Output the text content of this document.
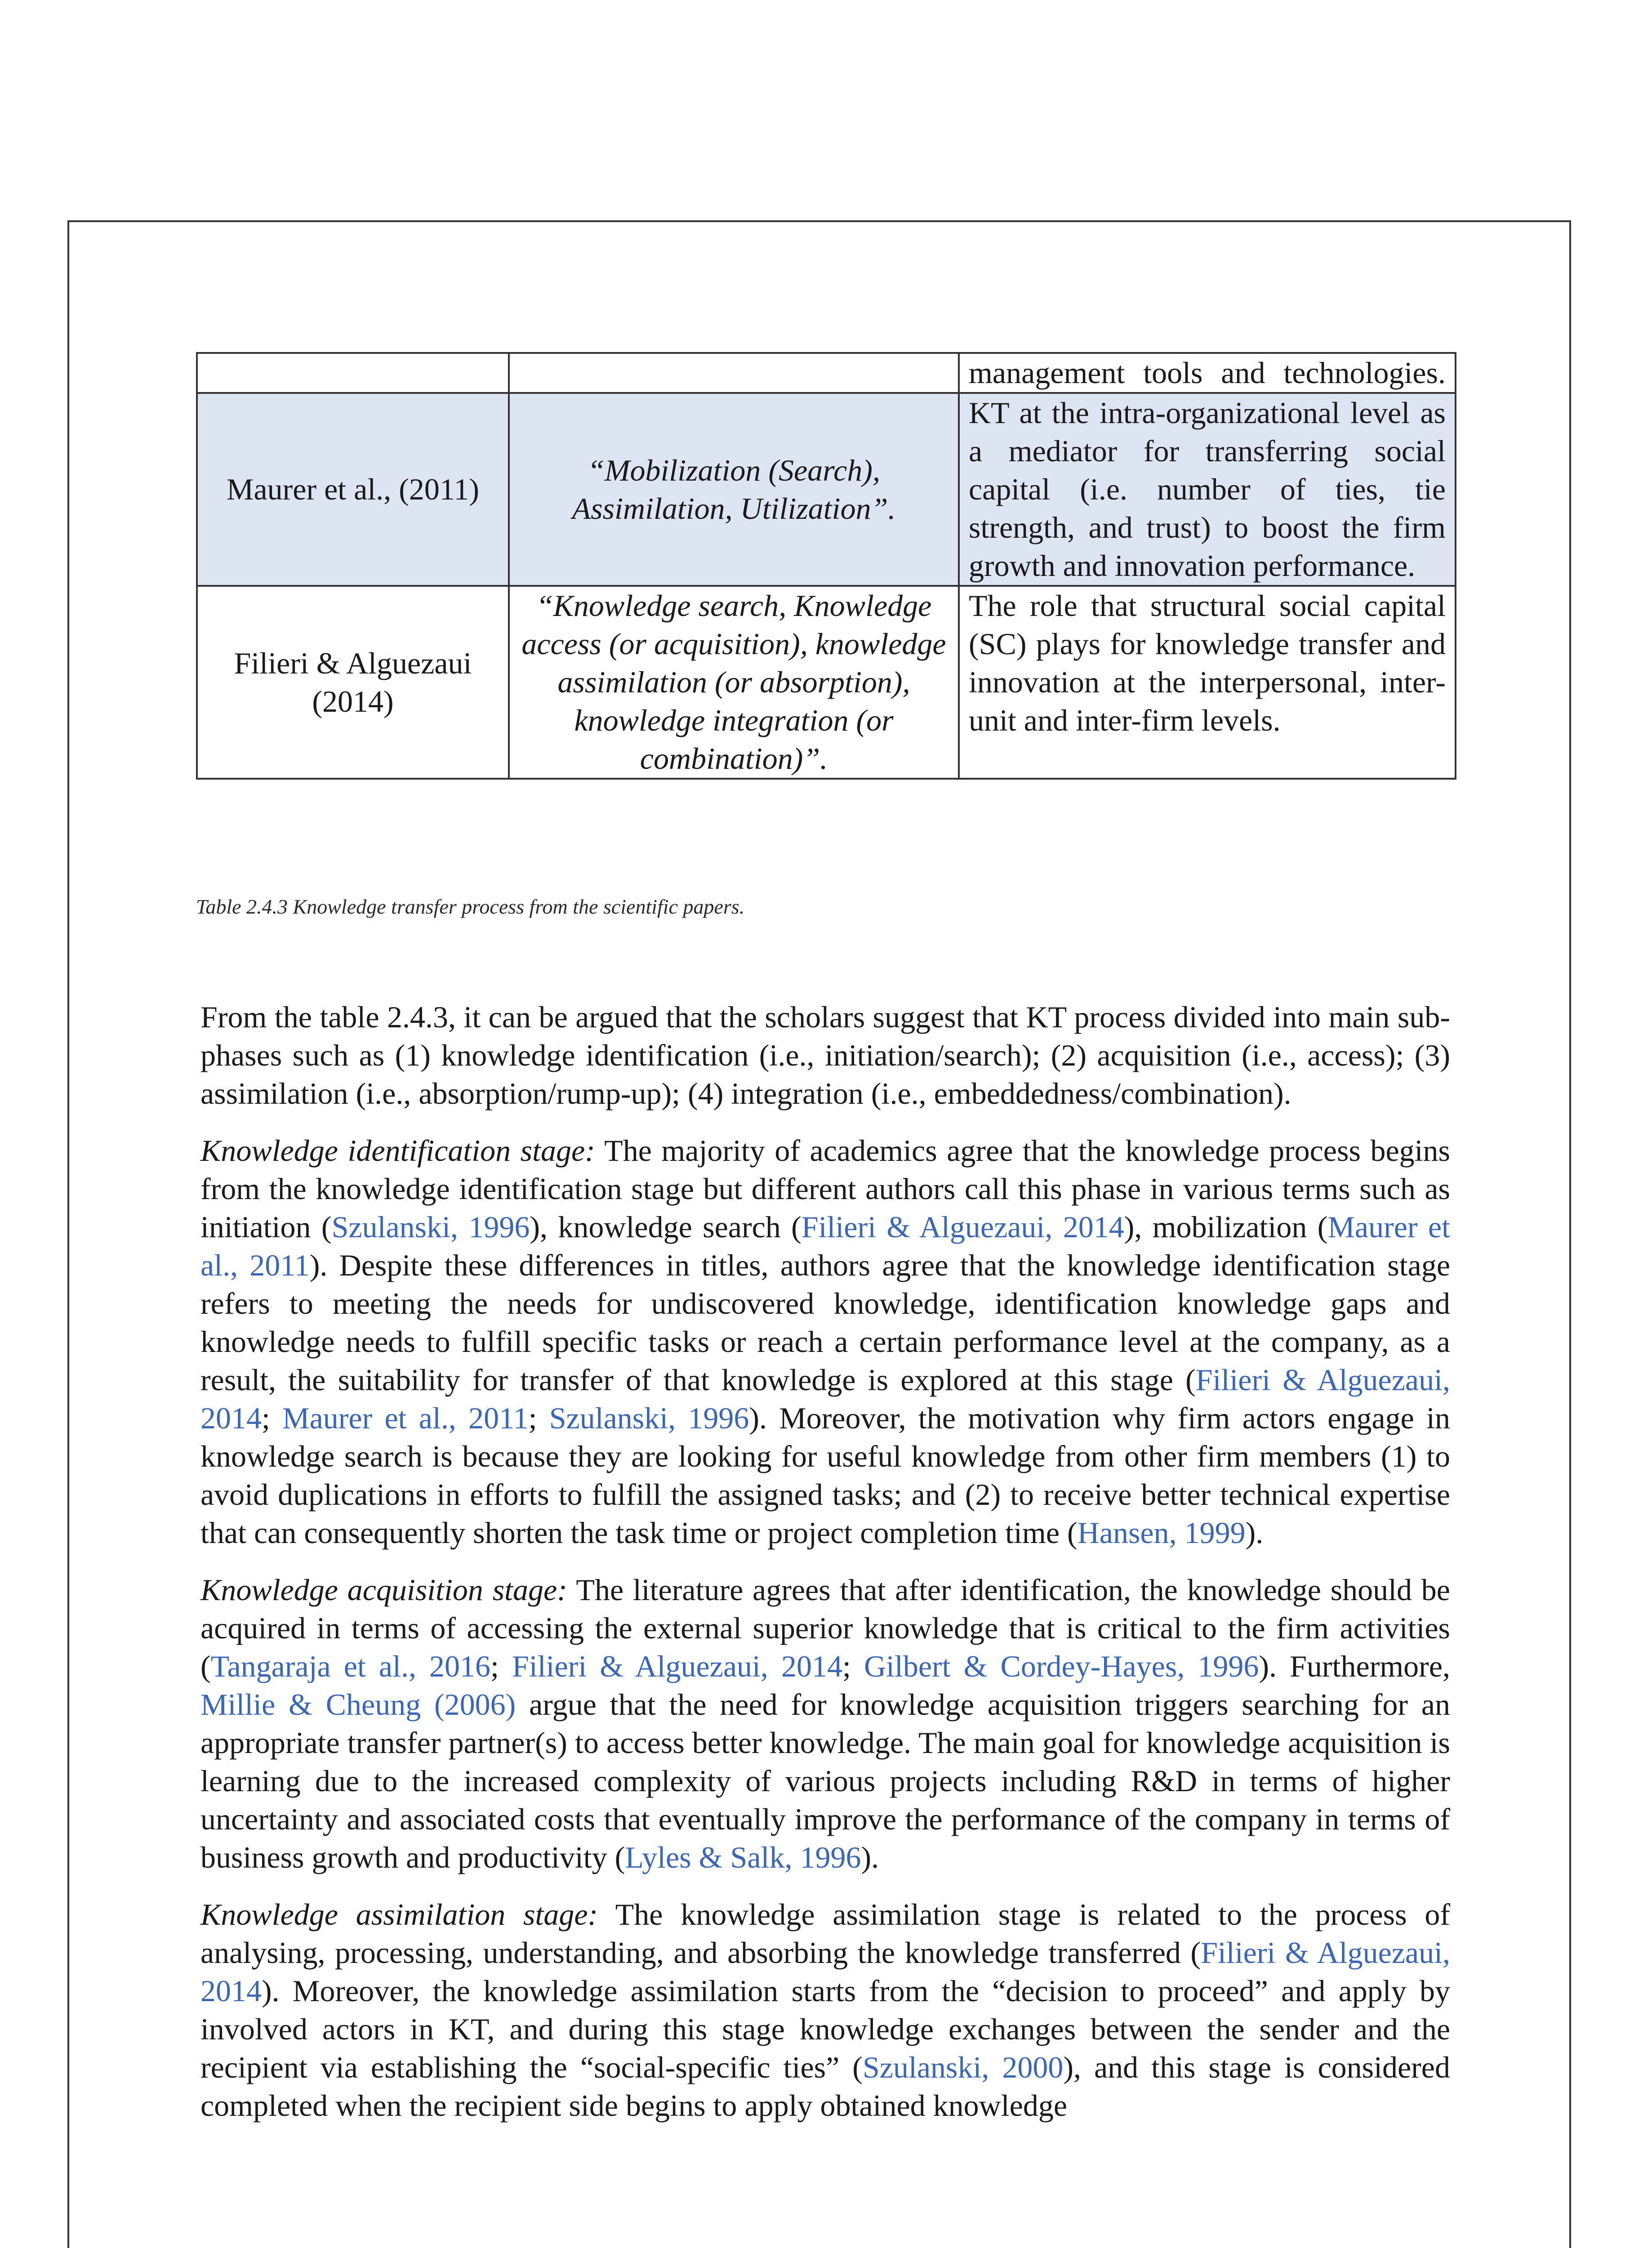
		management tools and technologies.
Maurer et al., (2011)	“Mobilization (Search), Assimilation, Utilization”.	KT at the intra-organizational level as a mediator for transferring social capital (i.e. number of ties, tie strength, and trust) to boost the firm growth and innovation performance.
Filieri & Alguezaui (2014)	“Knowledge search, Knowledge access (or acquisition), knowledge assimilation (or absorption), knowledge integration (or combination)”.	The role that structural social capital (SC) plays for knowledge transfer and innovation at the interpersonal, inter-unit and inter-firm levels.
Table 2.4.3 Knowledge transfer process from the scientific papers.

From the table 2.4.3, it can be argued that the scholars suggest that KT process divided into main sub-phases such as (1) knowledge identification (i.e., initiation/search); (2) acquisition (i.e., access); (3) assimilation (i.e., absorption/rump-up); (4) integration (i.e., embeddedness/combination).

Knowledge identification stage: The majority of academics agree that the knowledge process begins from the knowledge identification stage but different authors call this phase in various terms such as initiation (Szulanski, 1996), knowledge search (Filieri & Alguezaui, 2014), mobilization (Maurer et al., 2011). Despite these differences in titles, authors agree that the knowledge identification stage refers to meeting the needs for undiscovered knowledge, identification knowledge gaps and knowledge needs to fulfill specific tasks or reach a certain performance level at the company, as a result, the suitability for transfer of that knowledge is explored at this stage (Filieri & Alguezaui, 2014; Maurer et al., 2011; Szulanski, 1996). Moreover, the motivation why firm actors engage in knowledge search is because they are looking for useful knowledge from other firm members (1) to avoid duplications in efforts to fulfill the assigned tasks; and (2) to receive better technical expertise that can consequently shorten the task time or project completion time (Hansen, 1999).

Knowledge acquisition stage: The literature agrees that after identification, the knowledge should be acquired in terms of accessing the external superior knowledge that is critical to the firm activities (Tangaraja et al., 2016; Filieri & Alguezaui, 2014; Gilbert & Cordey-Hayes, 1996). Furthermore, Millie & Cheung (2006) argue that the need for knowledge acquisition triggers searching for an appropriate transfer partner(s) to access better knowledge. The main goal for knowledge acquisition is learning due to the increased complexity of various projects including R&D in terms of higher uncertainty and associated costs that eventually improve the performance of the company in terms of business growth and productivity (Lyles & Salk, 1996).

Knowledge assimilation stage: The knowledge assimilation stage is related to the process of analysing, processing, understanding, and absorbing the knowledge transferred (Filieri & Alguezaui, 2014). Moreover, the knowledge assimilation starts from the “decision to proceed” and apply by involved actors in KT, and during this stage knowledge exchanges between the sender and the recipient via establishing the “social-specific ties” (Szulanski, 2000), and this stage is considered completed when the recipient side begins to apply obtained knowledge
